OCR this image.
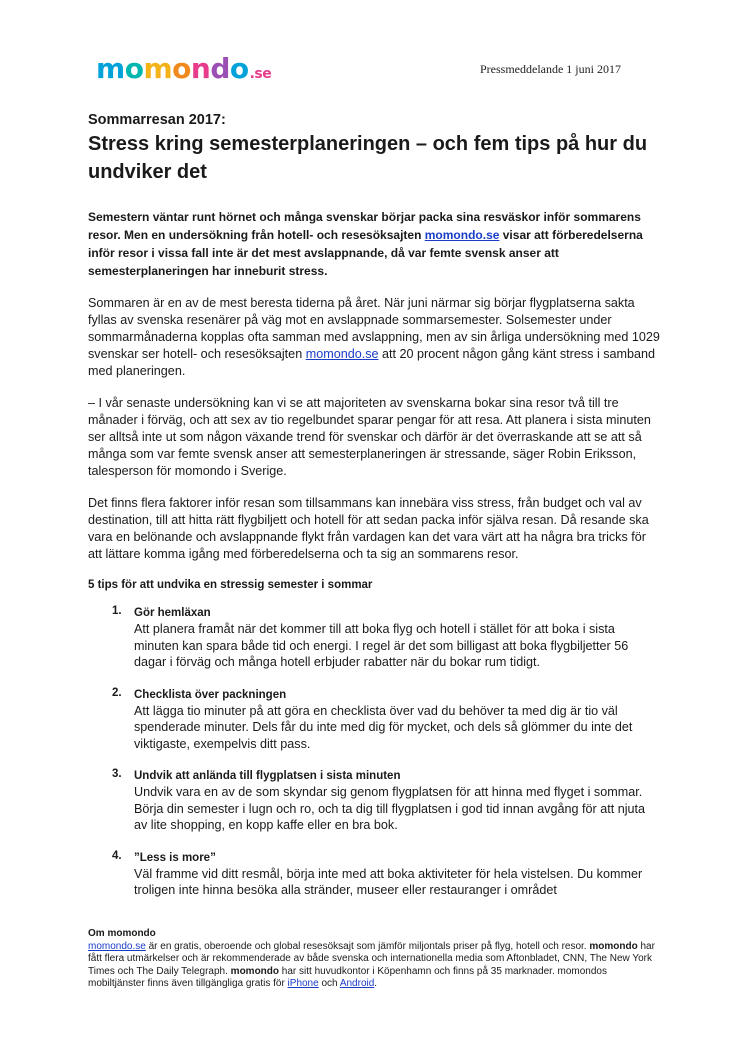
momondo.se	Pressmeddelande 1 juni 2017

Sommarresan 2017:

Stress kring semesterplaneringen – och fem tips på hur du undviker det

Semestern väntar runt hörnet och många svenskar börjar packa sina resväskor inför sommarens resor. Men en undersökning från hotell- och resesöksajten momondo.se visar att förberedelserna inför resor i vissa fall inte är det mest avslappnande, då var femte svensk anser att semesterplaneringen har inneburit stress.

Sommaren är en av de mest beresta tiderna på året. När juni närmar sig börjar flygplatserna sakta fyllas av svenska resenärer på väg mot en avslappnade sommarsemester. Solsemester under sommarmånaderna kopplas ofta samman med avslappning, men av sin årliga undersökning med 1029 svenskar ser hotell- och resesöksajten momondo.se att 20 procent någon gång känt stress i samband med planeringen.

– I vår senaste undersökning kan vi se att majoriteten av svenskarna bokar sina resor två till tre månader i förväg, och att sex av tio regelbundet sparar pengar för att resa. Att planera i sista minuten ser alltså inte ut som någon växande trend för svenskar och därför är det överraskande att se att så många som var femte svensk anser att semesterplaneringen är stressande, säger Robin Eriksson, talesperson för momondo i Sverige.

Det finns flera faktorer inför resan som tillsammans kan innebära viss stress, från budget och val av destination, till att hitta rätt flygbiljett och hotell för att sedan packa inför själva resan. Då resande ska vara en belönande och avslappnande flykt från vardagen kan det vara värt att ha några bra tricks för att lättare komma igång med förberedelserna och ta sig an sommarens resor.

5 tips för att undvika en stressig semester i sommar

1. Gör hemläxan
Att planera framåt när det kommer till att boka flyg och hotell i stället för att boka i sista minuten kan spara både tid och energi. I regel är det som billigast att boka flygbiljetter 56 dagar i förväg och många hotell erbjuder rabatter när du bokar rum tidigt.
2. Checklista över packningen
Att lägga tio minuter på att göra en checklista över vad du behöver ta med dig är tio väl spenderade minuter. Dels får du inte med dig för mycket, och dels så glömmer du inte det viktigaste, exempelvis ditt pass.
3. Undvik att anlända till flygplatsen i sista minuten
Undvik vara en av de som skyndar sig genom flygplatsen för att hinna med flyget i sommar. Börja din semester i lugn och ro, och ta dig till flygplatsen i god tid innan avgång för att njuta av lite shopping, en kopp kaffe eller en bra bok.
4. ”Less is more”
Väl framme vid ditt resmål, börja inte med att boka aktiviteter för hela vistelsen. Du kommer troligen inte hinna besöka alla stränder, museer eller restauranger i området

Om momondo

momondo.se är en gratis, oberoende och global resesöksajt som jämför miljontals priser på flyg, hotell och resor. momondo har fått flera utmärkelser och är rekommenderade av både svenska och internationella media som Aftonbladet, CNN, The New York Times och The Daily Telegraph. momondo har sitt huvudkontor i Köpenhamn och finns på 35 marknader. momondos mobiltjänster finns även tillgängliga gratis för iPhone och Android.
